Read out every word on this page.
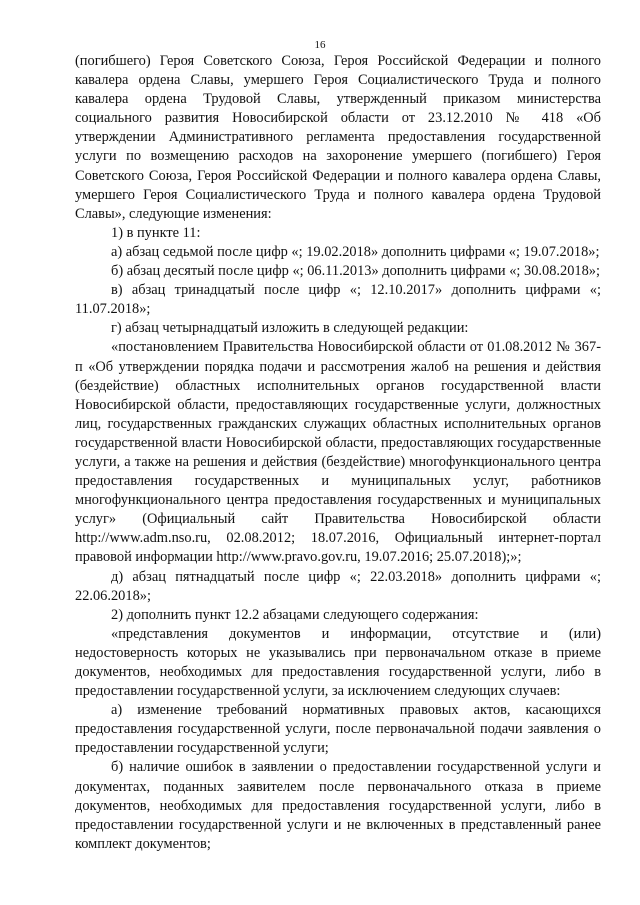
16

(погибшего) Героя Советского Союза, Героя Российской Федерации и полного кавалера ордена Славы, умершего Героя Социалистического Труда и полного кавалера ордена Трудовой Славы, утвержденный приказом министерства социального развития Новосибирской области от 23.12.2010 № 418 «Об утверждении Административного регламента предоставления государственной услуги по возмещению расходов на захоронение умершего (погибшего) Героя Советского Союза, Героя Российской Федерации и полного кавалера ордена Славы, умершего Героя Социалистического Труда и полного кавалера ордена Трудовой Славы», следующие изменения:

1) в пункте 11:

а) абзац седьмой после цифр «; 19.02.2018» дополнить цифрами «; 19.07.2018»;

б) абзац десятый после цифр «; 06.11.2013» дополнить цифрами «; 30.08.2018»;

в) абзац тринадцатый после цифр «; 12.10.2017» дополнить цифрами «; 11.07.2018»;

г) абзац четырнадцатый изложить в следующей редакции:

«постановлением Правительства Новосибирской области от 01.08.2012 № 367-п «Об утверждении порядка подачи и рассмотрения жалоб на решения и действия (бездействие) областных исполнительных органов государственной власти Новосибирской области, предоставляющих государственные услуги, должностных лиц, государственных гражданских служащих областных исполнительных органов государственной власти Новосибирской области, предоставляющих государственные услуги, а также на решения и действия (бездействие) многофункционального центра предоставления государственных и муниципальных услуг, работников многофункционального центра предоставления государственных и муниципальных услуг» (Официальный сайт Правительства Новосибирской области http://www.adm.nso.ru, 02.08.2012; 18.07.2016, Официальный интернет-портал правовой информации http://www.pravo.gov.ru, 19.07.2016; 25.07.2018);»;

д) абзац пятнадцатый после цифр «; 22.03.2018» дополнить цифрами «; 22.06.2018»;

2) дополнить пункт 12.2 абзацами следующего содержания:

«представления документов и информации, отсутствие и (или) недостоверность которых не указывались при первоначальном отказе в приеме документов, необходимых для предоставления государственной услуги, либо в предоставлении государственной услуги, за исключением следующих случаев:

а) изменение требований нормативных правовых актов, касающихся предоставления государственной услуги, после первоначальной подачи заявления о предоставлении государственной услуги;

б) наличие ошибок в заявлении о предоставлении государственной услуги и документах, поданных заявителем после первоначального отказа в приеме документов, необходимых для предоставления государственной услуги, либо в предоставлении государственной услуги и не включенных в представленный ранее комплект документов;
